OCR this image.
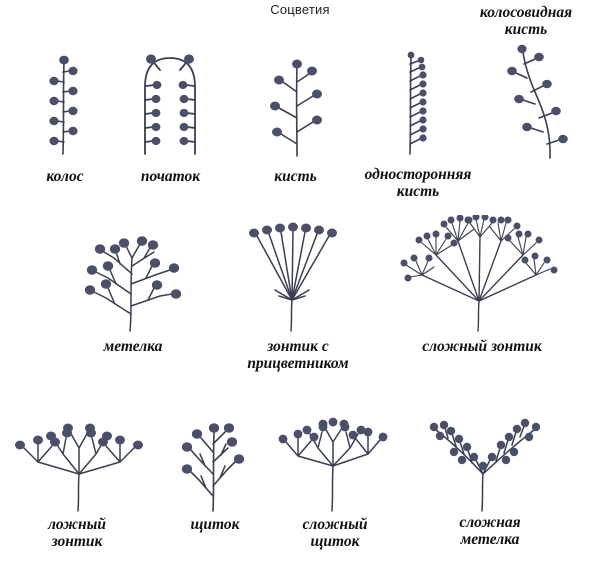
Соцветия
колос	початок	кисть	односторонняя
кисть
колосовидная
кисть
метелка	зонтик с
прицветником
сложный зонтик
ложный
зонтик
щиток	сложный
щиток
сложная
метелка
